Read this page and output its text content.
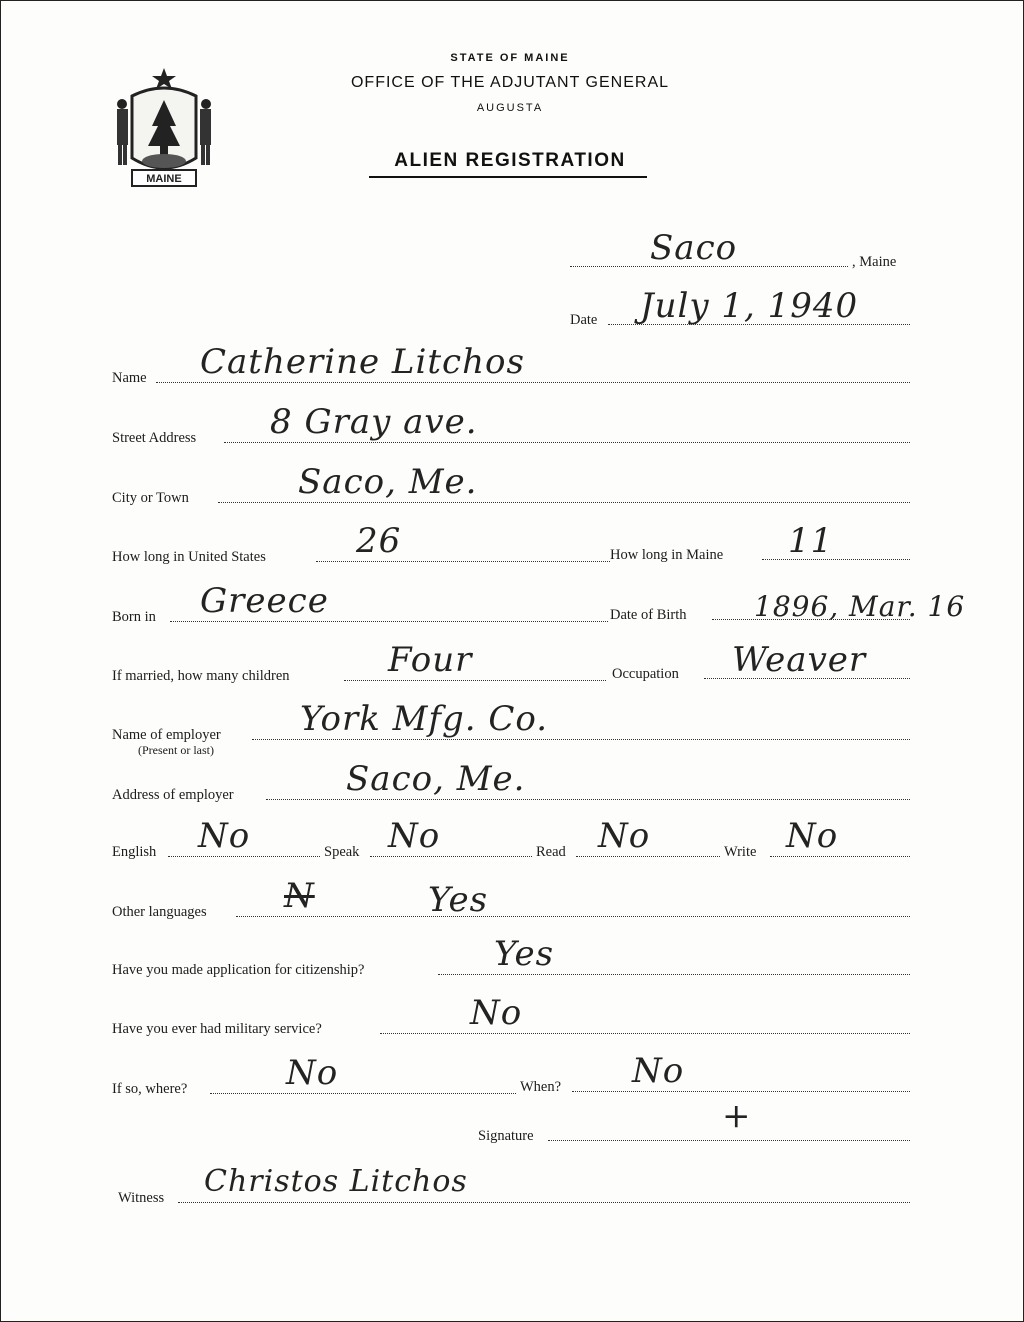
MAINE
STATE OF MAINE
OFFICE OF THE ADJUTANT GENERAL
AUGUSTA
ALIEN REGISTRATION
Saco	, Maine
Date July 1, 1940
Name Catherine Litchos
Street Address 8 Gray ave.
City or Town	Saco, Me.
How long in United States	26	How long in Maine 11
Born in Greece	Date of Birth 1896, Mar. 16
If married, how many children	Four	Occupation Weaver
Name of employer
(Present or last)
York Mfg. Co.
Address of employer	Saco, Me.
English No	Speak No	Read No	Write No
Other languages N	Yes
Have you made application for citizenship?	Yes
Have you ever had military service?	No
If so, where?	No	When? No
Signature	+
Witness Christos Litchos
